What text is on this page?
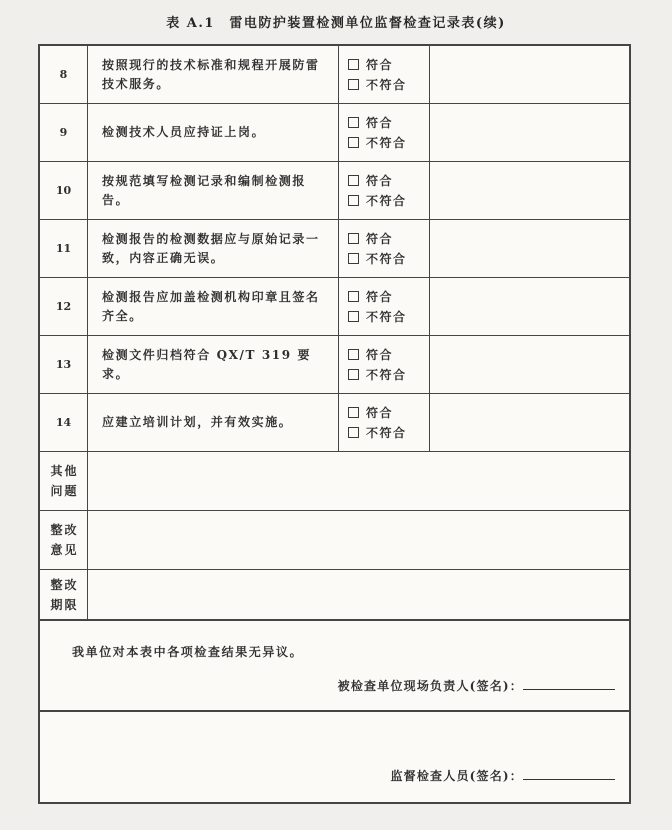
表 A.1　雷电防护装置检测单位监督检查记录表(续)
8
按照现行的技术标准和规程开展防雷技术服务。
符合
不符合
9	检测技术人员应持证上岗。
符合
不符合
10
按规范填写检测记录和编制检测报告。
符合
不符合
11
检测报告的检测数据应与原始记录一致，内容正确无误。
符合
不符合
12
检测报告应加盖检测机构印章且签名齐全。
符合
不符合
13
检测文件归档符合 QX/T 319 要求。
符合
不符合
14	应建立培训计划，并有效实施。
符合
不符合
其他
问题
整改
意见
整改
期限
我单位对本表中各项检查结果无异议。
被检查单位现场负责人(签名)：
监督检查人员(签名)：
